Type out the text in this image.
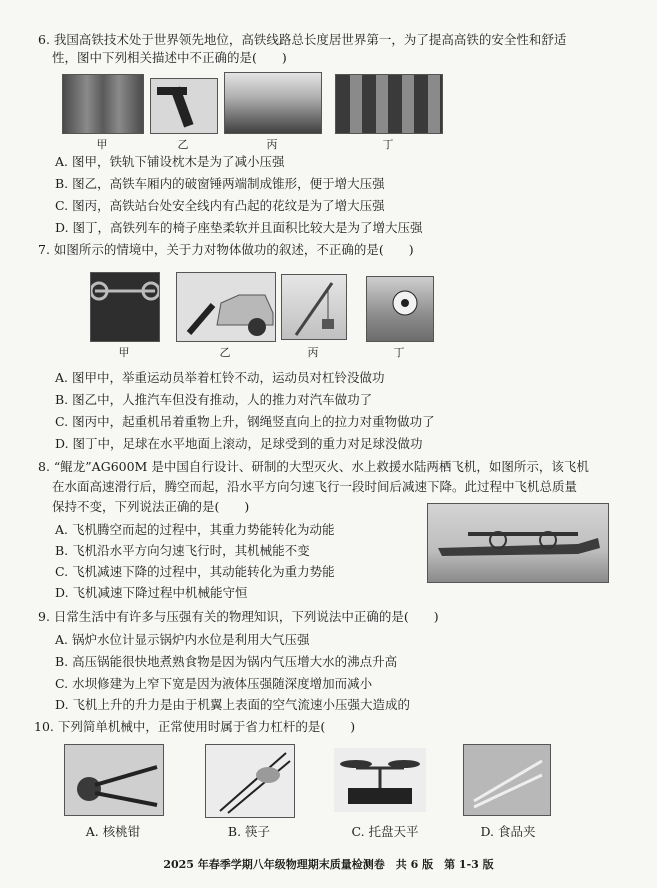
6. 我国高铁技术处于世界领先地位，高铁线路总长度居世界第一，为了提高高铁的安全性和舒适
性，图中下列相关描述中不正确的是(　　)
甲	乙	丙	丁
A. 图甲，铁轨下铺设枕木是为了减小压强
B. 图乙，高铁车厢内的破窗锤两端制成锥形，便于增大压强
C. 图丙，高铁站台处安全线内有凸起的花纹是为了增大压强
D. 图丁，高铁列车的椅子座垫柔软并且面积比较大是为了增大压强
7. 如图所示的情境中，关于力对物体做功的叙述，不正确的是(　　)
甲	乙	丙	丁
A. 图甲中，举重运动员举着杠铃不动，运动员对杠铃没做功
B. 图乙中，人推汽车但没有推动，人的推力对汽车做功了
C. 图丙中，起重机吊着重物上升，钢绳竖直向上的拉力对重物做功了
D. 图丁中，足球在水平地面上滚动，足球受到的重力对足球没做功
8. “鲲龙”AG600M 是中国自行设计、研制的大型灭火、水上救援水陆两栖飞机，如图所示，该飞机
在水面高速滑行后，腾空而起，沿水平方向匀速飞行一段时间后减速下降。此过程中飞机总质量
保持不变，下列说法正确的是(　　)
A. 飞机腾空而起的过程中，其重力势能转化为动能
B. 飞机沿水平方向匀速飞行时，其机械能不变
C. 飞机减速下降的过程中，其动能转化为重力势能
D. 飞机减速下降过程中机械能守恒
9. 日常生活中有许多与压强有关的物理知识，下列说法中正确的是(　　)
A. 锅炉水位计显示锅炉内水位是利用大气压强
B. 高压锅能很快地煮熟食物是因为锅内气压增大水的沸点升高
C. 水坝修建为上窄下宽是因为液体压强随深度增加而减小
D. 飞机上升的升力是由于机翼上表面的空气流速小压强大造成的
10. 下列简单机械中，正常使用时属于省力杠杆的是(　　)
A. 核桃钳	B. 筷子	C. 托盘天平	D. 食品夹
2025 年春季学期八年级物理期末质量检测卷　共 6 版　第 1-3 版
